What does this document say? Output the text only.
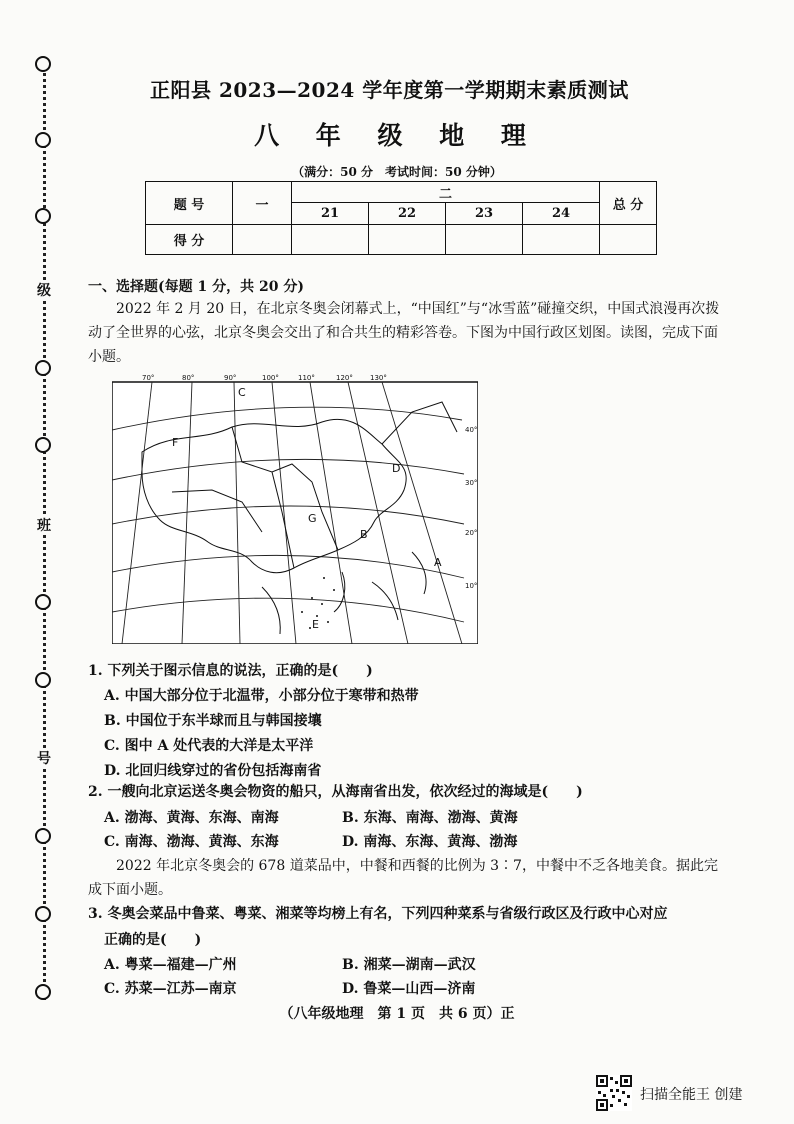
级
班
号
正阳县 2023—2024 学年度第一学期期末素质测试
八 年 级 地 理
（满分：50 分　考试时间：50 分钟）
题 号	一	二				总 分
		21	22	23	24	
得 分						
一、选择题(每题 1 分，共 20 分)
2022 年 2 月 20 日，在北京冬奥会闭幕式上，“中国红”与“冰雪蓝”碰撞交织，中国式浪漫再次拨动了全世界的心弦，北京冬奥会交出了和合共生的精彩答卷。下图为中国行政区划图。读图，完成下面小题。
70°	80°	90°	100°	110°	120° 130°
40°
30°
20°
10°
C
F
D
G
A
E
B
1. 下列关于图示信息的说法，正确的是(　　)
A. 中国大部分位于北温带，小部分位于寒带和热带
B. 中国位于东半球而且与韩国接壤
C. 图中 A 处代表的大洋是太平洋
D. 北回归线穿过的省份包括海南省
2. 一艘向北京运送冬奥会物资的船只，从海南省出发，依次经过的海域是(　　)
A. 渤海、黄海、东海、南海	B. 东海、南海、渤海、黄海
C. 南海、渤海、黄海、东海	D. 南海、东海、黄海、渤海
2022 年北京冬奥会的 678 道菜品中，中餐和西餐的比例为 3∶7，中餐中不乏各地美食。据此完成下面小题。
3. 冬奥会菜品中鲁菜、粤菜、湘菜等均榜上有名，下列四种菜系与省级行政区及行政中心对应
正确的是(　　)
A. 粤菜—福建—广州	B. 湘菜—湖南—武汉
C. 苏菜—江苏—南京	D. 鲁菜—山西—济南
（八年级地理　第 1 页　共 6 页）正
扫描全能王 创建
